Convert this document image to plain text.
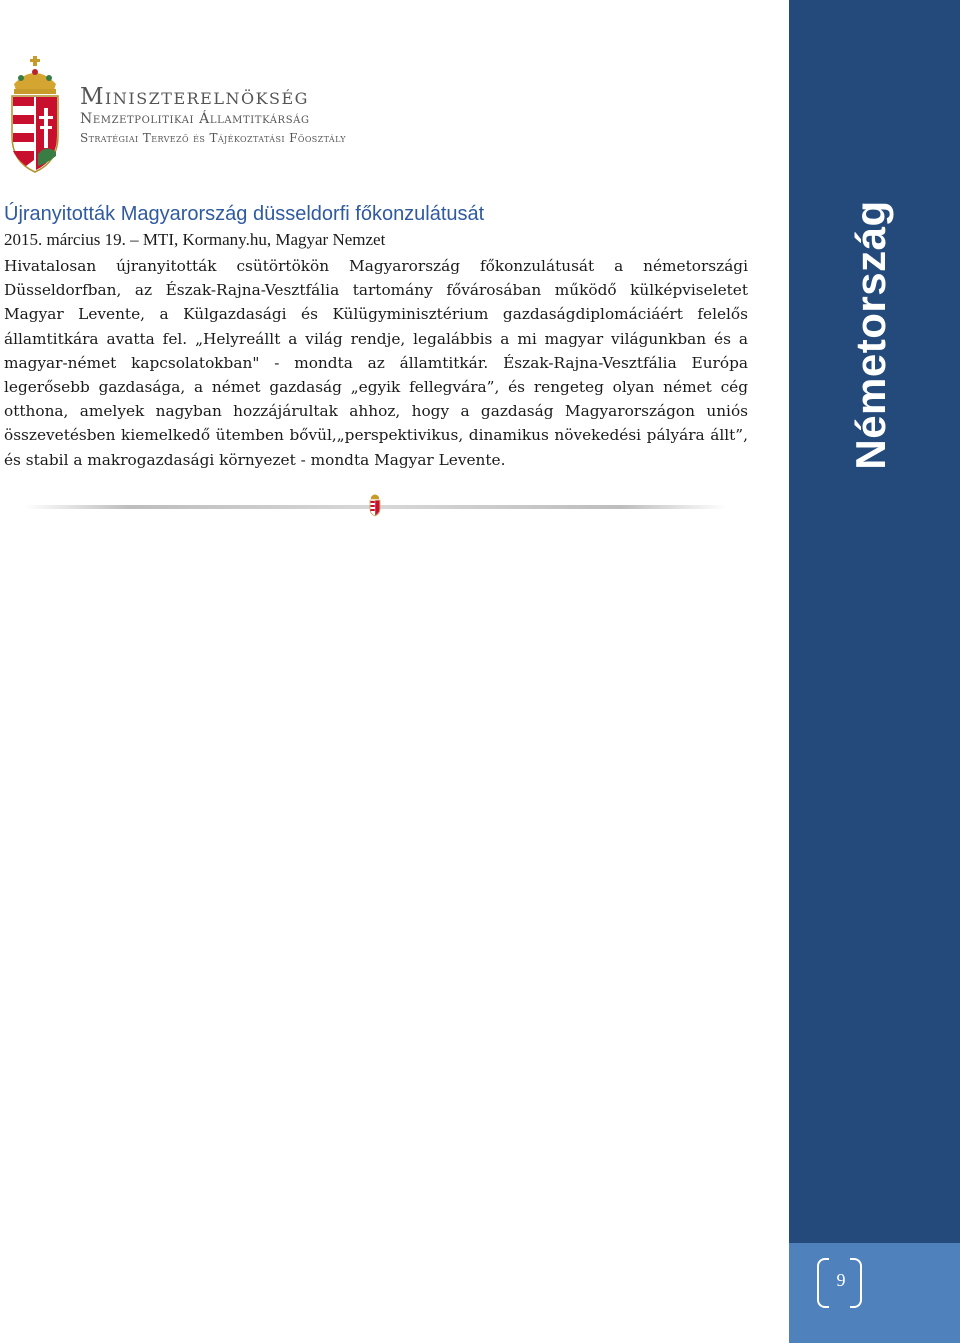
Miniszterelnökség
Nemzetpolitikai Államtitkárság
Stratégiai Tervező és Tájékoztatási Főosztály
Újranyitották Magyarország düsseldorfi főkonzulátusát
2015. március 19. – MTI, Kormany.hu, Magyar Nemzet
Hivatalosan újranyitották csütörtökön Magyarország főkonzulátusát a németországi Düsseldorfban, az Észak-Rajna-Vesztfália tartomány fővárosában működő külképviseletet Magyar Levente, a Külgazdasági és Külügyminisztérium gazdaságdiplomáciáért felelős államtitkára avatta fel. „Helyreállt a világ rendje, legalábbis a mi magyar világunkban és a magyar-német kapcsolatokban" - mondta az államtitkár. Észak-Rajna-Vesztfália Európa legerősebb gazdasága, a német gazdaság „egyik fellegvára”, és rengeteg olyan német cég otthona, amelyek nagyban hozzájárultak ahhoz, hogy a gazdaság Magyarországon uniós összevetésben kiemelkedő ütemben bővül,„perspektivikus, dinamikus növekedési pályára állt”, és stabil a makrogazdasági környezet - mondta Magyar Levente.	Németország
9
